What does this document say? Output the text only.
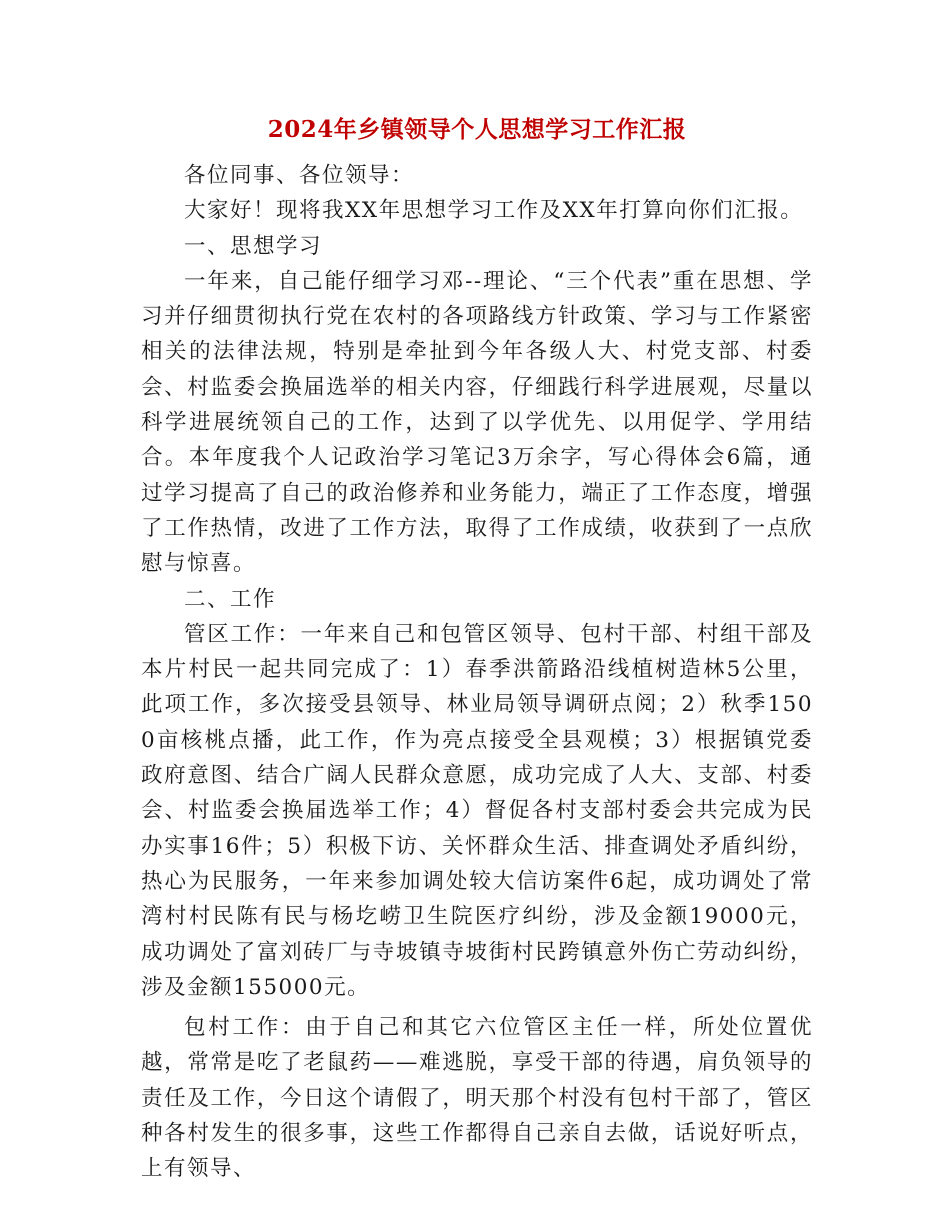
2024年乡镇领导个人思想学习工作汇报

各位同事、各位领导：

大家好！现将我XX年思想学习工作及XX年打算向你们汇报。

一、思想学习

一年来，自己能仔细学习邓--理论、“三个代表”重在思想、学习并仔细贯彻执行党在农村的各项路线方针政策、学习与工作紧密相关的法律法规，特别是牵扯到今年各级人大、村党支部、村委会、村监委会换届选举的相关内容，仔细践行科学进展观，尽量以科学进展统领自己的工作，达到了以学优先、以用促学、学用结合。本年度我个人记政治学习笔记3万余字，写心得体会6篇，通过学习提高了自己的政治修养和业务能力，端正了工作态度，增强了工作热情，改进了工作方法，取得了工作成绩，收获到了一点欣慰与惊喜。

二、工作

管区工作：一年来自己和包管区领导、包村干部、村组干部及本片村民一起共同完成了：1）春季洪箭路沿线植树造林5公里，此项工作，多次接受县领导、林业局领导调研点阅；2）秋季1500亩核桃点播，此工作，作为亮点接受全县观模；3）根据镇党委政府意图、结合广阔人民群众意愿，成功完成了人大、支部、村委会、村监委会换届选举工作；4）督促各村支部村委会共完成为民办实事16件；5）积极下访、关怀群众生活、排查调处矛盾纠纷，热心为民服务，一年来参加调处较大信访案件6起，成功调处了常湾村村民陈有民与杨圪崂卫生院医疗纠纷，涉及金额19000元，成功调处了富刘砖厂与寺坡镇寺坡街村民跨镇意外伤亡劳动纠纷，涉及金额155000元。

包村工作：由于自己和其它六位管区主任一样，所处位置优越，常常是吃了老鼠药——难逃脱，享受干部的待遇，肩负领导的责任及工作，今日这个请假了，明天那个村没有包村干部了，管区种各村发生的很多事，这些工作都得自己亲自去做，话说好听点，上有领导、
